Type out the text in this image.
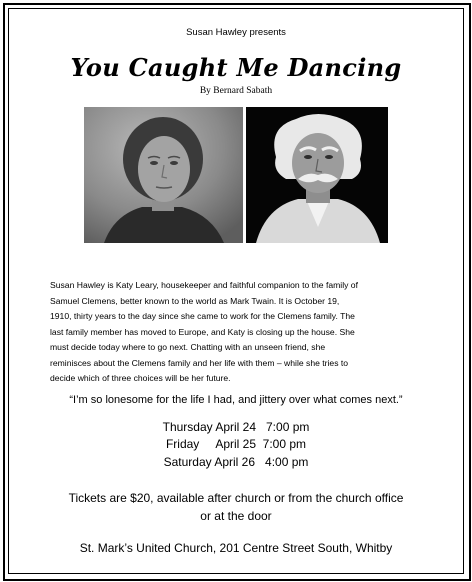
Susan Hawley presents
You Caught Me Dancing
By Bernard Sabath

Susan Hawley is Katy Leary, housekeeper and faithful companion to the family of

Samuel Clemens, better known to the world as Mark Twain. It is October 19,

1910, thirty years to the day since she came to work for the Clemens family. The

last family member has moved to Europe, and Katy is closing up the house. She

must decide today where to go next. Chatting with an unseen friend, she

reminisces about the Clemens family and her life with them – while she tries to

decide which of three choices will be her future.

“I’m so lonesome for the life I had, and jittery over what comes next.”
Thursday April 24   7:00 pm
Friday     April 25  7:00 pm
Saturday April 26   4:00 pm
Tickets are $20, available after church or from the church office
or at the door
St. Mark’s United Church, 201 Centre Street South, Whitby
